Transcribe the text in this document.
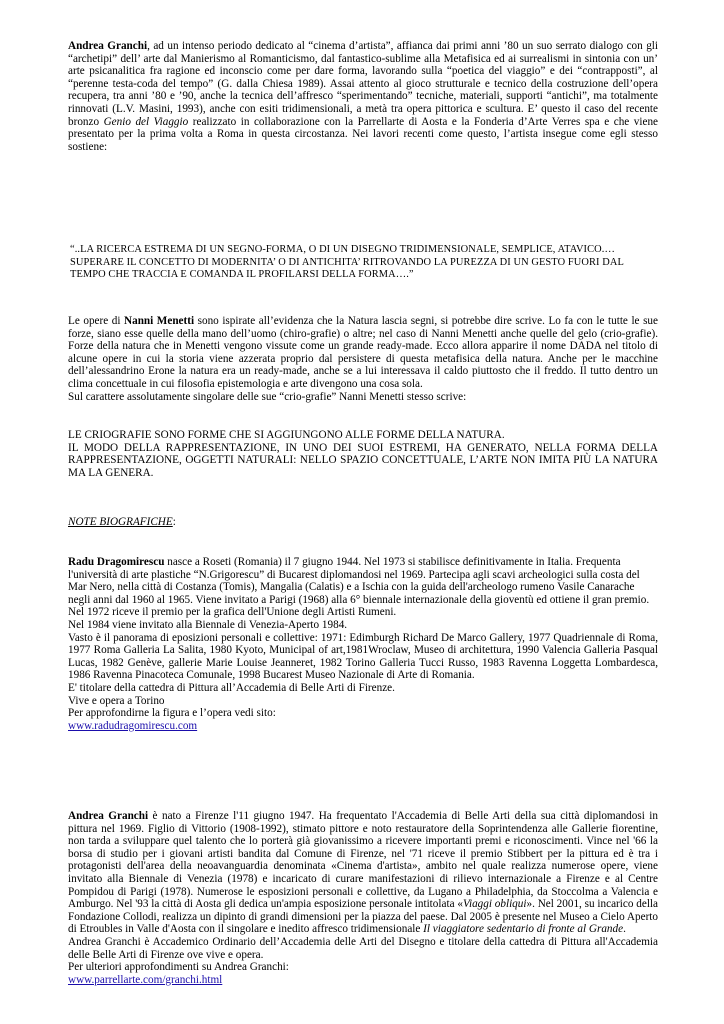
Andrea Granchi, ad un intenso periodo dedicato al “cinema d’artista”, affianca dai primi anni ’80 un suo serrato dialogo con gli “archetipi” dell’ arte dal Manierismo al Romanticismo, dal fantastico-sublime alla Metafisica ed ai surrealismi in sintonia con un’ arte psicanalitica fra ragione ed inconscio come per dare forma, lavorando sulla “poetica del viaggio” e dei “contrapposti”, al “perenne testa-coda del tempo” (G. dalla Chiesa 1989). Assai attento al gioco strutturale e tecnico della costruzione dell’opera recupera, tra anni ’80 e ’90, anche la tecnica dell’affresco “sperimentando” tecniche, materiali, supporti “antichi”, ma totalmente rinnovati (L.V. Masini, 1993), anche con esiti tridimensionali, a metà tra opera pittorica e scultura. E’ questo il caso del recente bronzo Genio del Viaggio realizzato in collaborazione con la Parrellarte di Aosta e la Fonderia d’Arte Verres spa e che viene presentato per la prima volta a Roma in questa circostanza. Nei lavori recenti come questo, l’artista insegue come egli stesso sostiene:

“..LA RICERCA ESTREMA DI UN SEGNO-FORMA, O DI UN DISEGNO TRIDIMENSIONALE, SEMPLICE, ATAVICO.… SUPERARE IL CONCETTO DI MODERNITA’ O DI ANTICHITA’ RITROVANDO LA PUREZZA DI UN GESTO FUORI DAL TEMPO CHE TRACCIA E COMANDA IL PROFILARSI DELLA FORMA….”

Le opere di Nanni Menetti sono ispirate all’evidenza che la Natura lascia segni, si potrebbe dire scrive. Lo fa con le tutte le sue forze, siano esse quelle della mano dell’uomo (chiro-grafie) o altre; nel caso di Nanni Menetti anche quelle del gelo (crio-grafie). Forze della natura che in Menetti vengono vissute come un grande ready-made. Ecco allora apparire il nome DADA nel titolo di alcune opere in cui la storia viene azzerata proprio dal persistere di questa metafisica della natura. Anche per le macchine dell’alessandrino Erone la natura era un ready-made, anche se a lui interessava il caldo piuttosto che il freddo. Il tutto dentro un clima concettuale in cui filosofia epistemologia e arte divengono una cosa sola.

Sul carattere assolutamente singolare delle sue “crio-grafie” Nanni Menetti stesso scrive:

LE CRIOGRAFIE SONO FORME CHE SI AGGIUNGONO ALLE FORME DELLA NATURA.

IL MODO DELLA RAPPRESENTAZIONE, IN UNO DEI SUOI ESTREMI, HA GENERATO, NELLA FORMA DELLA RAPPRESENTAZIONE, OGGETTI NATURALI: NELLO SPAZIO CONCETTUALE, L’ARTE NON IMITA PIÙ LA NATURA MA LA GENERA.

NOTE BIOGRAFICHE:

Radu Dragomirescu nasce a Roseti (Romania) il 7 giugno 1944. Nel 1973 si stabilisce definitivamente in Italia. Frequenta l'università di arte plastiche “N.Grigorescu” di Bucarest diplomandosi nel 1969. Partecipa agli scavi archeologici sulla costa del Mar Nero, nella città di Costanza (Tomis), Mangalia (Calatis) e a Ischia con la guida dell'archeologo rumeno Vasile Canarache negli anni dal 1960 al 1965. Viene invitato a Parigi (1968) alla 6° biennale internazionale della gioventù ed ottiene il gran premio.

Nel 1972 riceve il premio per la grafica dell'Unione degli Artisti Rumeni.

Nel 1984 viene invitato alla Biennale di Venezia-Aperto 1984.

Vasto è il panorama di eposizioni personali e collettive: 1971: Edimburgh Richard De Marco Gallery, 1977 Quadriennale di Roma, 1977 Roma Galleria La Salita, 1980 Kyoto, Municipal of art,1981Wroclaw, Museo di architettura, 1990 Valencia Galleria Pasqual Lucas, 1982 Genève, gallerie Marie Louise Jeanneret, 1982 Torino Galleria Tucci Russo, 1983 Ravenna Loggetta Lombardesca, 1986 Ravenna Pinacoteca Comunale, 1998 Bucarest Museo Nazionale di Arte di Romania.

E' titolare della cattedra di Pittura all’Accademia di Belle Arti di Firenze.

Vive e opera a Torino

Per approfondirne la figura e l’opera vedi sito:

www.radudragomirescu.com

Andrea Granchi è nato a Firenze l'11 giugno 1947. Ha frequentato l'Accademia di Belle Arti della sua città diplomandosi in pittura nel 1969. Figlio di Vittorio (1908-1992), stimato pittore e noto restauratore della Soprintendenza alle Gallerie fiorentine, non tarda a sviluppare quel talento che lo porterà già giovanissimo a ricevere importanti premi e riconoscimenti. Vince nel '66 la borsa di studio per i giovani artisti bandita dal Comune di Firenze, nel '71 riceve il premio Stibbert per la pittura ed è tra i protagonisti dell'area della neoavanguardia denominata «Cinema d'artista», ambito nel quale realizza numerose opere, viene invitato alla Biennale di Venezia (1978) e incaricato di curare manifestazioni di rilievo internazionale a Firenze e al Centre Pompidou di Parigi (1978). Numerose le esposizioni personali e collettive, da Lugano a Philadelphia, da Stoccolma a Valencia e Amburgo. Nel '93 la città di Aosta gli dedica un'ampia esposizione personale intitolata «Viaggi obliqui». Nel 2001, su incarico della Fondazione Collodi, realizza un dipinto di grandi dimensioni per la piazza del paese. Dal 2005 è presente nel Museo a Cielo Aperto di Etroubles in Valle d'Aosta con il singolare e inedito affresco tridimensionale Il viaggiatore sedentario di fronte al Grande.

Andrea Granchi è Accademico Ordinario dell’Accademia delle Arti del Disegno e titolare della cattedra di Pittura all'Accademia delle Belle Arti di Firenze ove vive e opera.

Per ulteriori approfondimenti su Andrea Granchi:

www.parrellarte.com/granchi.html
